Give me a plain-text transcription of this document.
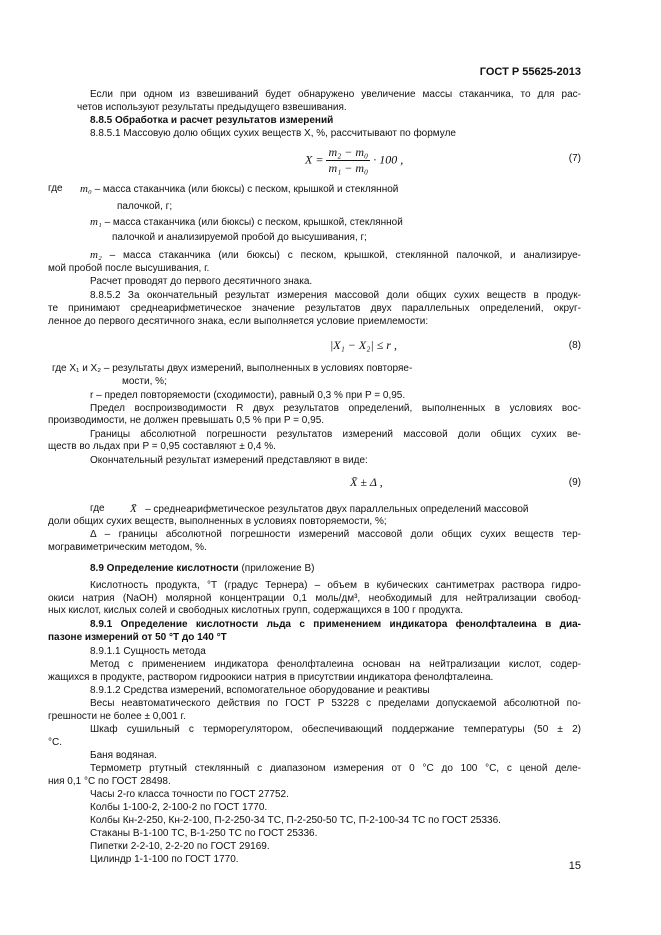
ГОСТ Р 55625-2013
Если при одном из взвешиваний будет обнаружено увеличение массы стаканчика, то для рас-
четов используют результаты предыдущего взвешивания.
8.8.5 Обработка и расчет результатов измерений
8.8.5.1 Массовую долю общих сухих веществ X, %, рассчитывают по формуле
$X = \frac{\text{m₂ − m₀}}{\text{m₁ − m₀}} \cdot 100$ ,	(7)
где m₀ – масса стаканчика (или бюксы) с песком, крышкой и стеклянной
палочкой, г;
m₁ – масса стаканчика (или бюксы) с песком, крышкой, стеклянной
палочкой и анализируемой пробой до высушивания, г;
m₂ – масса стаканчика (или бюксы) с песком, крышкой, стеклянной палочкой, и анализируе-
мой пробой после высушивания, г.
Расчет проводят до первого десятичного знака.
8.8.5.2 За окончательный результат измерения массовой доли общих сухих веществ в продук-
те принимают среднеарифметическое значение результатов двух параллельных определений, округ-
ленное до первого десятичного знака, если выполняется условие приемлемости:
|X₁ − X₂| ≤ r ,	(8)
где X₁ и X₂ – результаты двух измерений, выполненных в условиях повторяе-
мости, %;
r – предел повторяемости (сходимости), равный 0,3 % при P = 0,95.
Предел воспроизводимости R двух результатов определений, выполненных в условиях вос-
производимости, не должен превышать 0,5 % при P = 0,95.
Границы абсолютной погрешности результатов измерений массовой доли общих сухих ве-
ществ во льдах при P = 0,95 составляют ± 0,4 %.
Окончательный результат измерений представляют в виде:
X̄ ± Δ ,	(9)
где X̄ – среднеарифметическое результатов двух параллельных определений массовой
доли общих сухих веществ, выполненных в условиях повторяемости, %;
Δ – границы абсолютной погрешности измерений массовой доли общих сухих веществ тер-
могравиметрическим методом, %.
8.9 Определение кислотности (приложение В)
Кислотность продукта, °Т (градус Тернера) – объем в кубических сантиметрах раствора гидро-
окиси натрия (NaOH) молярной концентрации 0,1 моль/дм³, необходимый для нейтрализации свобод-
ных кислот, кислых солей и свободных кислотных групп, содержащихся в 100 г продукта.
8.9.1 Определение кислотности льда с применением индикатора фенолфталеина в диа-
пазоне измерений от 50 °Т до 140 °Т
8.9.1.1 Сущность метода
Метод с применением индикатора фенолфталеина основан на нейтрализации кислот, содер-
жащихся в продукте, раствором гидроокиси натрия в присутствии индикатора фенолфталеина.
8.9.1.2 Средства измерений, вспомогательное оборудование и реактивы
Весы неавтоматического действия по ГОСТ Р 53228 с пределами допускаемой абсолютной по-
грешности не более ± 0,001 г.
Шкаф сушильный с терморегулятором, обеспечивающий поддержание температуры (50 ± 2)
°С.
Баня водяная.
Термометр ртутный стеклянный с диапазоном измерения от 0 °С до 100 °С, с ценой деле-
ния 0,1 °С по ГОСТ 28498.
Часы 2-го класса точности по ГОСТ 27752.
Колбы 1-100-2, 2-100-2 по ГОСТ 1770.
Колбы Кн-2-250, Кн-2-100, П-2-250-34 ТС, П-2-250-50 ТС, П-2-100-34 ТС по ГОСТ 25336.
Стаканы В-1-100 ТС, В-1-250 ТС по ГОСТ 25336.
Пипетки 2-2-10, 2-2-20 по ГОСТ 29169.
Цилиндр 1-1-100 по ГОСТ 1770.
15
